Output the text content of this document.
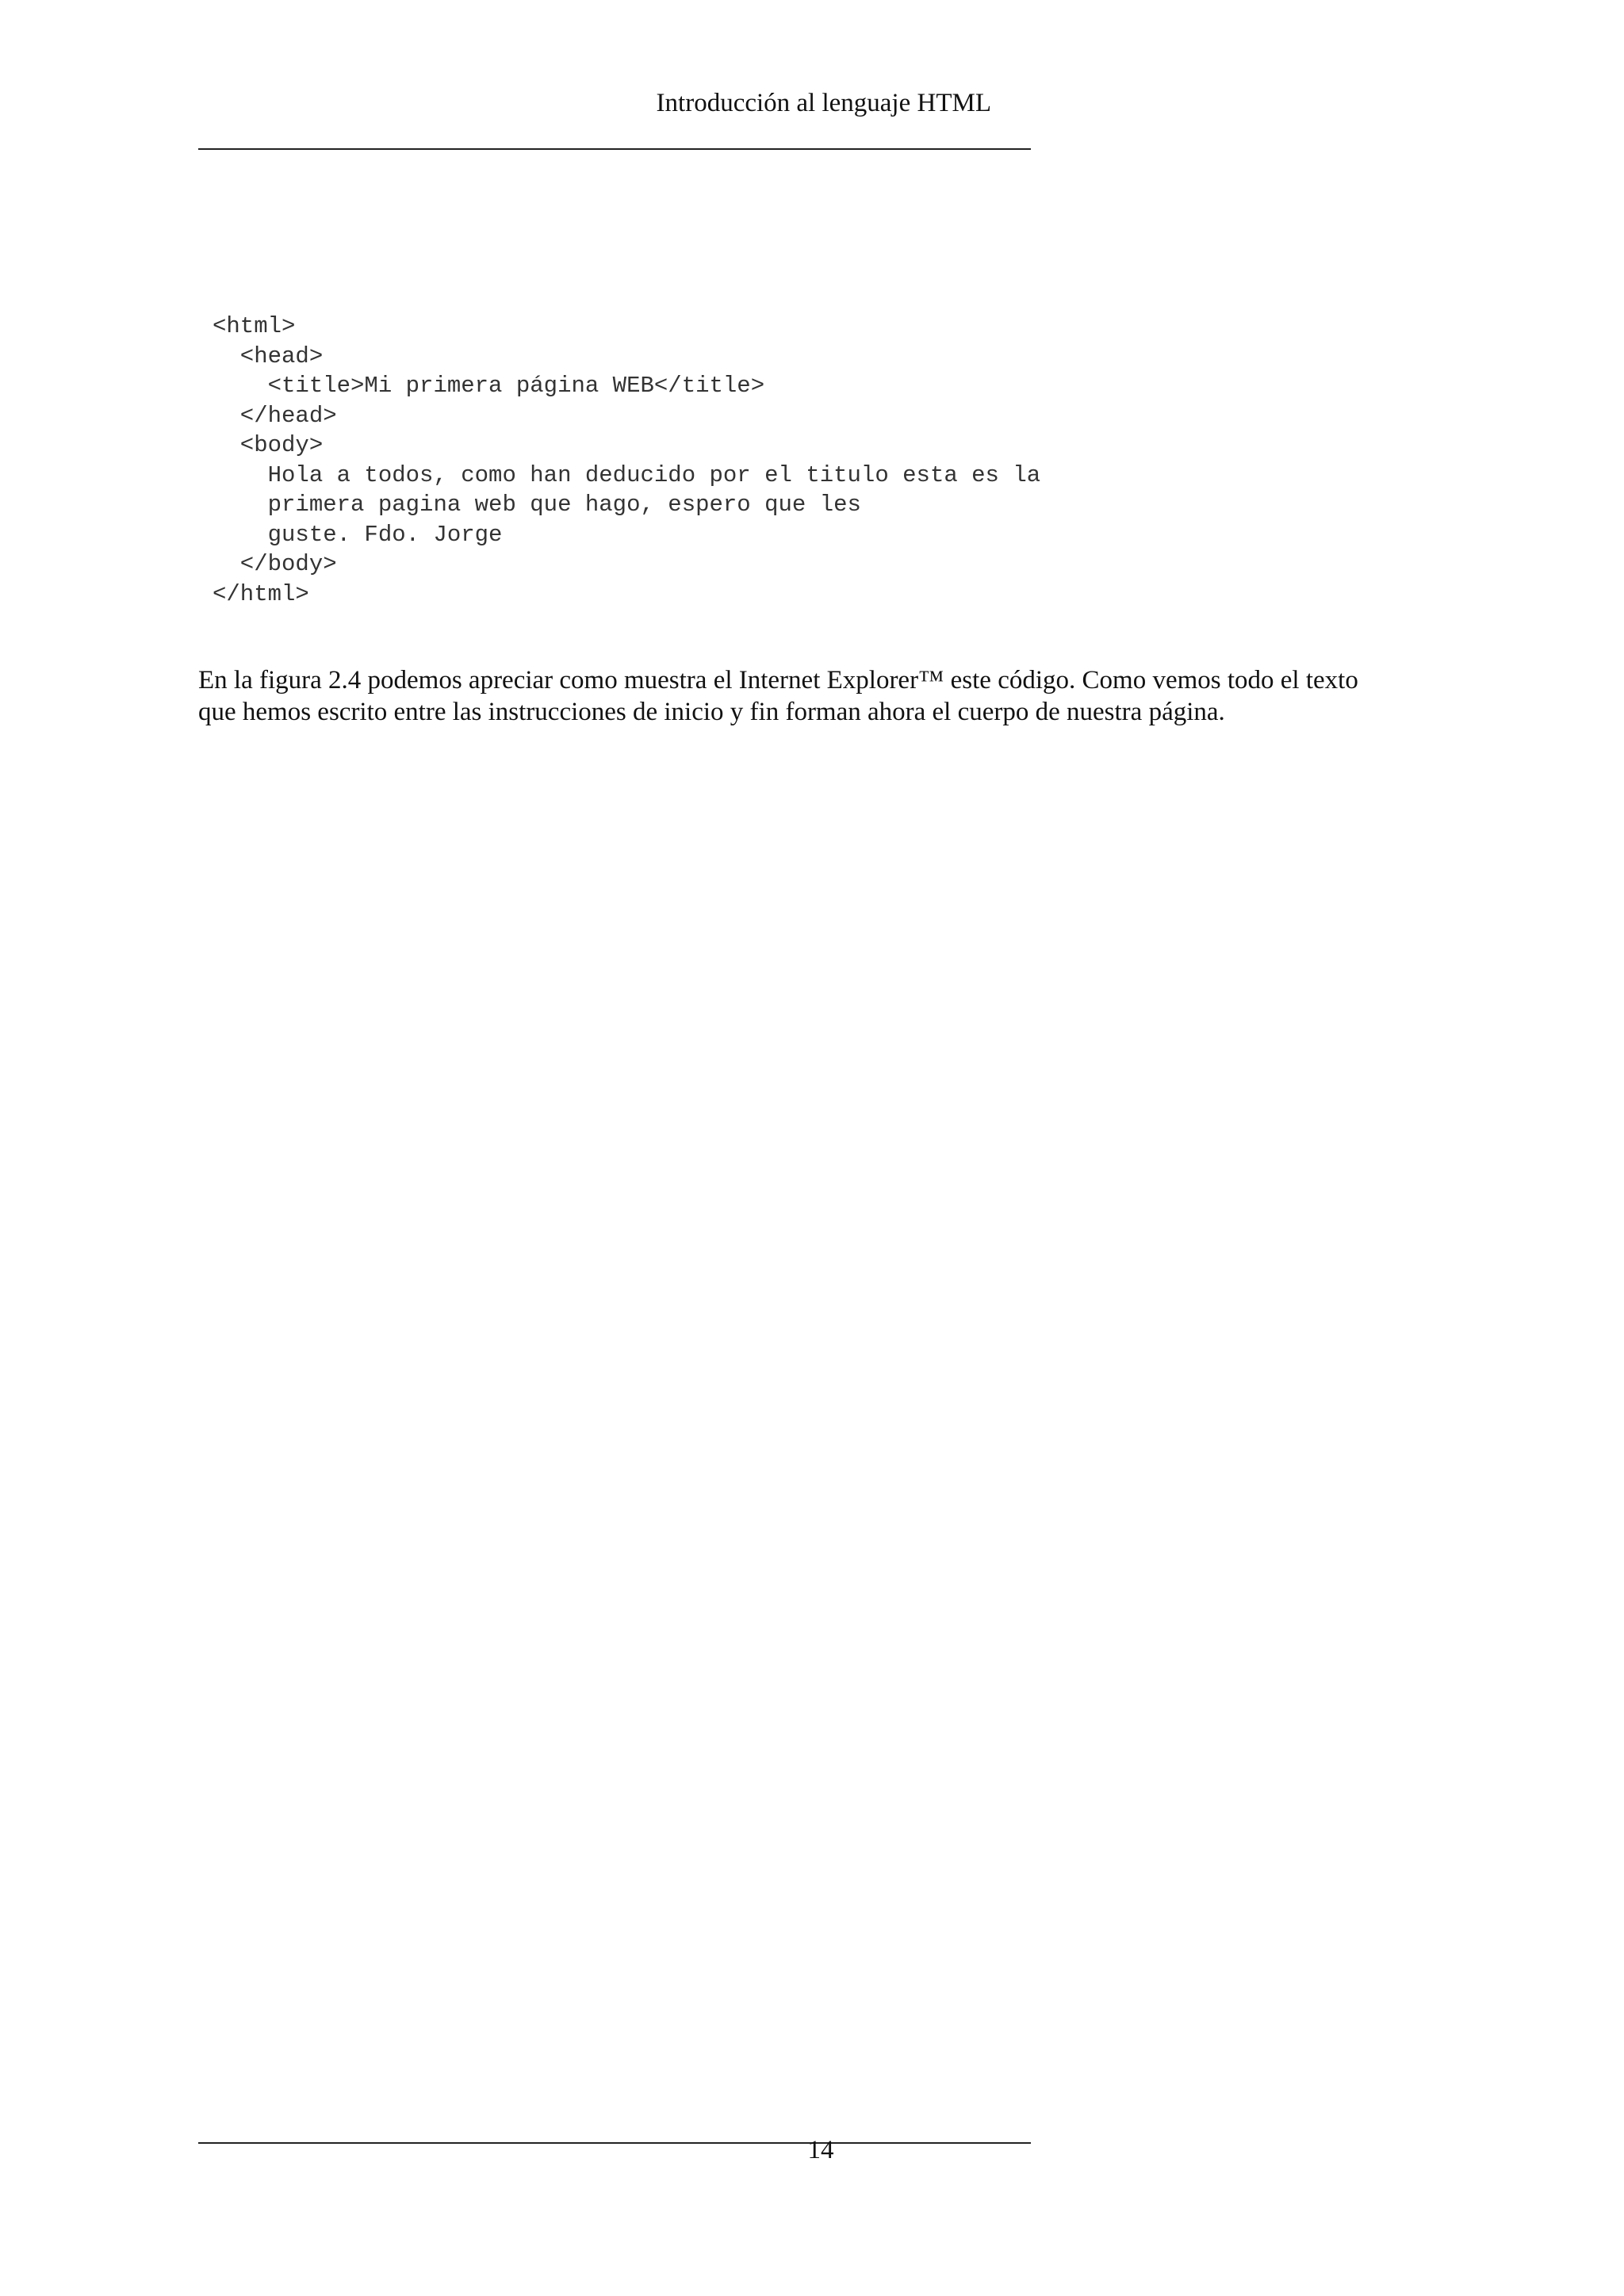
Introducción al lenguaje HTML
<html>
<head>
<title>Mi primera página WEB</title>
</head>
<body>
Hola a todos, como han deducido por el titulo esta es la
primera pagina web que hago, espero que les
guste. Fdo. Jorge
</body>
</html>
En la figura 2.4 podemos apreciar como muestra el Internet Explorer™ este código. Como vemos todo el texto
que hemos escrito entre las instrucciones de inicio y fin forman ahora el cuerpo de nuestra página.
14
